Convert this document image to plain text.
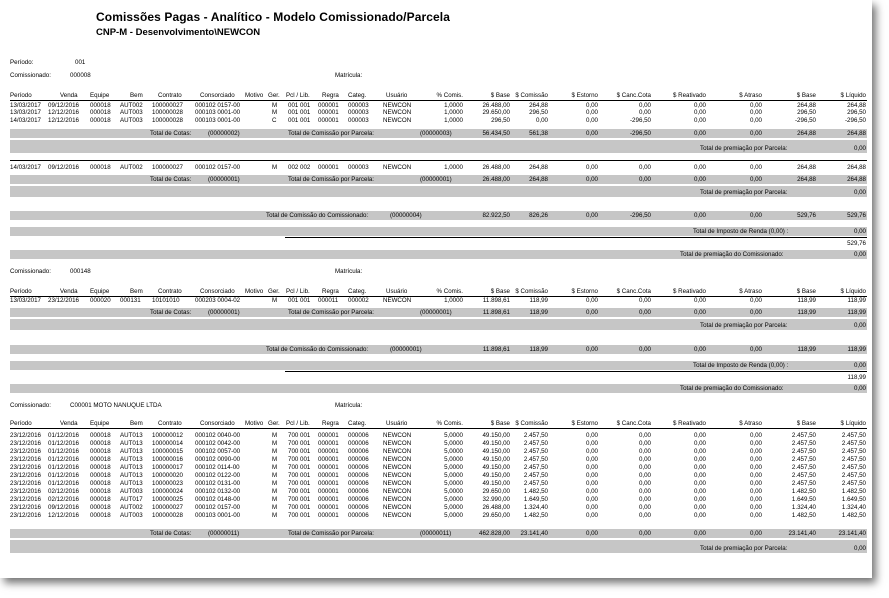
Comissões Pagas - Analítico - Modelo Comissionado/Parcela
CNP-M - Desenvolvimento\NEWCON
Período:	001
Comissionado:	000008	Matrícula:
Período	Venda Equipe	Bem Contrato	Consorciado Motivo Ger. Pcl / Lib. Regra Categ.	Usuário	% Comis.	$ Base $ Comissão	$ Estorno	$ Canc.Cota	$ Reativado	$ Atraso	$ Base	$ Líquido
13/03/2017 09/12/2016 000018 AUT002 100000027 000102 0157-00	M 001 001 000001 000003 NEWCON	1,0000	26.488,00	264,88	0,00	0,00	0,00	0,00	264,88	264,88
13/03/2017 12/12/2016 000018 AUT003 100000028 000103 0001-00	M 001 001 000001 000003 NEWCON	1,0000	29.650,00	296,50	0,00	0,00	0,00	0,00	296,50	296,50
14/03/2017 12/12/2016 000018 AUT003 100000028 000103 0001-00	C 001 001 000001 000003 NEWCON	1,0000	296,50	0,00	0,00	-296,50	0,00	0,00	-296,50	-296,50
Total de Cotas:	(00000002)	Total de Comissão por Parcela:	(00000003)	56.434,50	561,38	0,00	-296,50	0,00	0,00	264,88	264,88
Total de premiação por Parcela:	0,00
14/03/2017 09/12/2016 000018 AUT002 100000027 000102 0157-00	M 002 002 000001 000003 NEWCON	1,0000	26.488,00	264,88	0,00	0,00	0,00	0,00	264,88	264,88
Total de Cotas:	(00000001)	Total de Comissão por Parcela:	(00000001)	26.488,00	264,88	0,00	0,00	0,00	0,00	264,88	264,88
Total de premiação por Parcela:	0,00
Total de Comissão do Comissionado:	(00000004)	82.922,50	826,26	0,00	-296,50	0,00	0,00	529,76	529,76
Total de Imposto de Renda (0,00) :	0,00
529,76
Total de premiação do Comissionado:	0,00
Comissionado:	000148	Matrícula:
Período	Venda Equipe	Bem Contrato	Consorciado Motivo Ger. Pcl / Lib. Regra Categ.	Usuário	% Comis.	$ Base $ Comissão	$ Estorno	$ Canc.Cota	$ Reativado	$ Atraso	$ Base	$ Líquido
13/03/2017 23/12/2016 000020 000131 10101010 000203 0004-02	M 001 001 000011 000002 NEWCON	1,0000	11.898,61	118,99	0,00	0,00	0,00	0,00	118,99	118,99
Total de Cotas:	(00000001)	Total de Comissão por Parcela:	(00000001)	11.898,61	118,99	0,00	0,00	0,00	0,00	118,99	118,99
Total de premiação por Parcela:	0,00
Total de Comissão do Comissionado:	(00000001)	11.898,61	118,99	0,00	0,00	0,00	0,00	118,99	118,99
Total de Imposto de Renda (0,00) :	0,00
118,99
Total de premiação do Comissionado:	0,00
Comissionado:	C00001 MOTO NANUQUE LTDA	Matrícula:
Período	Venda Equipe	Bem Contrato	Consorciado Motivo Ger. Pcl / Lib. Regra Categ.	Usuário	% Comis.	$ Base $ Comissão	$ Estorno	$ Canc.Cota	$ Reativado	$ Atraso	$ Base	$ Líquido
23/12/2016 01/12/2016 000018 AUT013 100000012 000102 0040-00	M 700 001 000001 000006 NEWCON	5,0000	49.150,00 2.457,50	0,00	0,00	0,00	0,00	2.457,50	2.457,50
23/12/2016 01/12/2016 000018 AUT013 100000014 000102 0042-00	M 700 001 000001 000006 NEWCON	5,0000	49.150,00 2.457,50	0,00	0,00	0,00	0,00	2.457,50	2.457,50
23/12/2016 01/12/2016 000018 AUT013 100000015 000102 0057-00	M 700 001 000001 000006 NEWCON	5,0000	49.150,00 2.457,50	0,00	0,00	0,00	0,00	2.457,50	2.457,50
23/12/2016 01/12/2016 000018 AUT013 100000016 000102 0090-00	M 700 001 000001 000006 NEWCON	5,0000	49.150,00 2.457,50	0,00	0,00	0,00	0,00	2.457,50	2.457,50
23/12/2016 01/12/2016 000018 AUT013 100000017 000102 0114-00	M 700 001 000001 000006 NEWCON	5,0000	49.150,00 2.457,50	0,00	0,00	0,00	0,00	2.457,50	2.457,50
23/12/2016 01/12/2016 000018 AUT013 100000020 000102 0122-00	M 700 001 000001 000006 NEWCON	5,0000	49.150,00 2.457,50	0,00	0,00	0,00	0,00	2.457,50	2.457,50
23/12/2016 01/12/2016 000018 AUT013 100000023 000102 0131-00	M 700 001 000001 000006 NEWCON	5,0000	49.150,00 2.457,50	0,00	0,00	0,00	0,00	2.457,50	2.457,50
23/12/2016 02/12/2016 000018 AUT003 100000024 000102 0132-00	M 700 001 000001 000006 NEWCON	5,0000	29.650,00 1.482,50	0,00	0,00	0,00	0,00	1.482,50	1.482,50
23/12/2016 02/12/2016 000018 AUT017 100000025 000102 0148-00	M 700 001 000001 000006 NEWCON	5,0000	32.990,00 1.649,50	0,00	0,00	0,00	0,00	1.649,50	1.649,50
23/12/2016 09/12/2016 000018 AUT002 100000027 000102 0157-00	M 700 001 000001 000006 NEWCON	5,0000	26.488,00 1.324,40	0,00	0,00	0,00	0,00	1.324,40	1.324,40
23/12/2016 12/12/2016 000018 AUT003 100000028 000103 0001-00	M 700 001 000001 000006 NEWCON	5,0000	29.650,00 1.482,50	0,00	0,00	0,00	0,00	1.482,50	1.482,50
Total de Cotas:	(00000011)	Total de Comissão por Parcela:	(00000011)	462.828,00 23.141,40	0,00	0,00	0,00	0,00	23.141,40	23.141,40
Total de premiação por Parcela:	0,00
